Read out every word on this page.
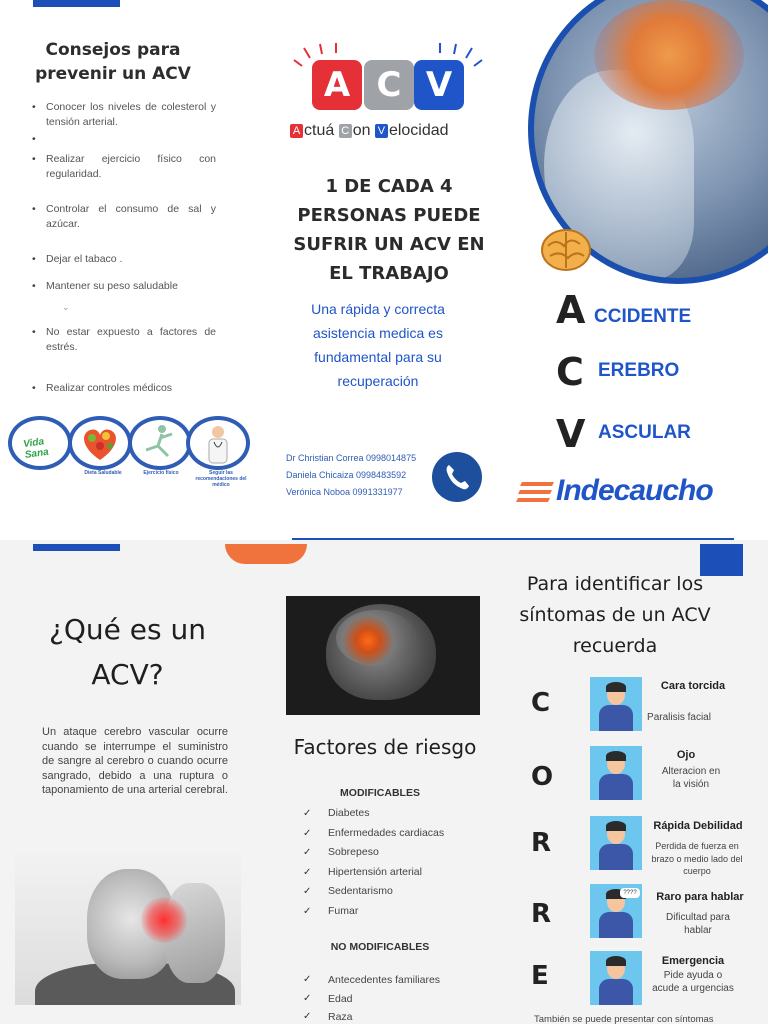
Consejos para prevenir un ACV
• Conocer los niveles de colesterol y tensión arterial.
•
• Realizar ejercicio físico con regularidad.
• Controlar el consumo de sal y azúcar.
• Dejar el tabaco .
• Mantener su peso saludable
• No estar expuesto a factores de estrés.
• Realizar controles médicos
⌄
Vida Sana
Dieta Saludable	Ejercicio físico	Seguir las recomendaciones del médico
A C V
A ctuá C on V elocidad
1 DE CADA 4 PERSONAS PUEDE SUFRIR UN ACV EN EL TRABAJO
Una rápida y correcta asistencia medica es fundamental para su recuperación
Dr Christian Correa 0998014875
Daniela Chicaiza 0998483592
Verónica Noboa 0991331977
A CCIDENTE
C EREBRO
V ASCULAR
Indecaucho
¿Qué es un ACV?
Un ataque cerebro vascular ocurre cuando se interrumpe el suministro de sangre al cerebro o cuando ocurre sangrado, debido a una ruptura o taponamiento de una arterial cerebral.
Factores de riesgo
MODIFICABLES
✓ Diabetes
✓ Enfermedades cardiacas
✓ Sobrepeso
✓ Hipertensión arterial
✓ Sedentarismo
✓ Fumar
NO MODIFICABLES
✓ Antecedentes familiares
✓ Edad
✓ Raza
Para identificar los síntomas de un ACV recuerda
C
Cara torcida
Paralisis facial
O
Ojo
Alteracion en la visión
R
Rápida Debilidad
Perdida de fuerza en brazo o medio lado del cuerpo
R
????	Raro para hablar
Dificultad para hablar
E	Emergencia
Pide ayuda o acude a urgencias
También se puede presentar con síntomas
